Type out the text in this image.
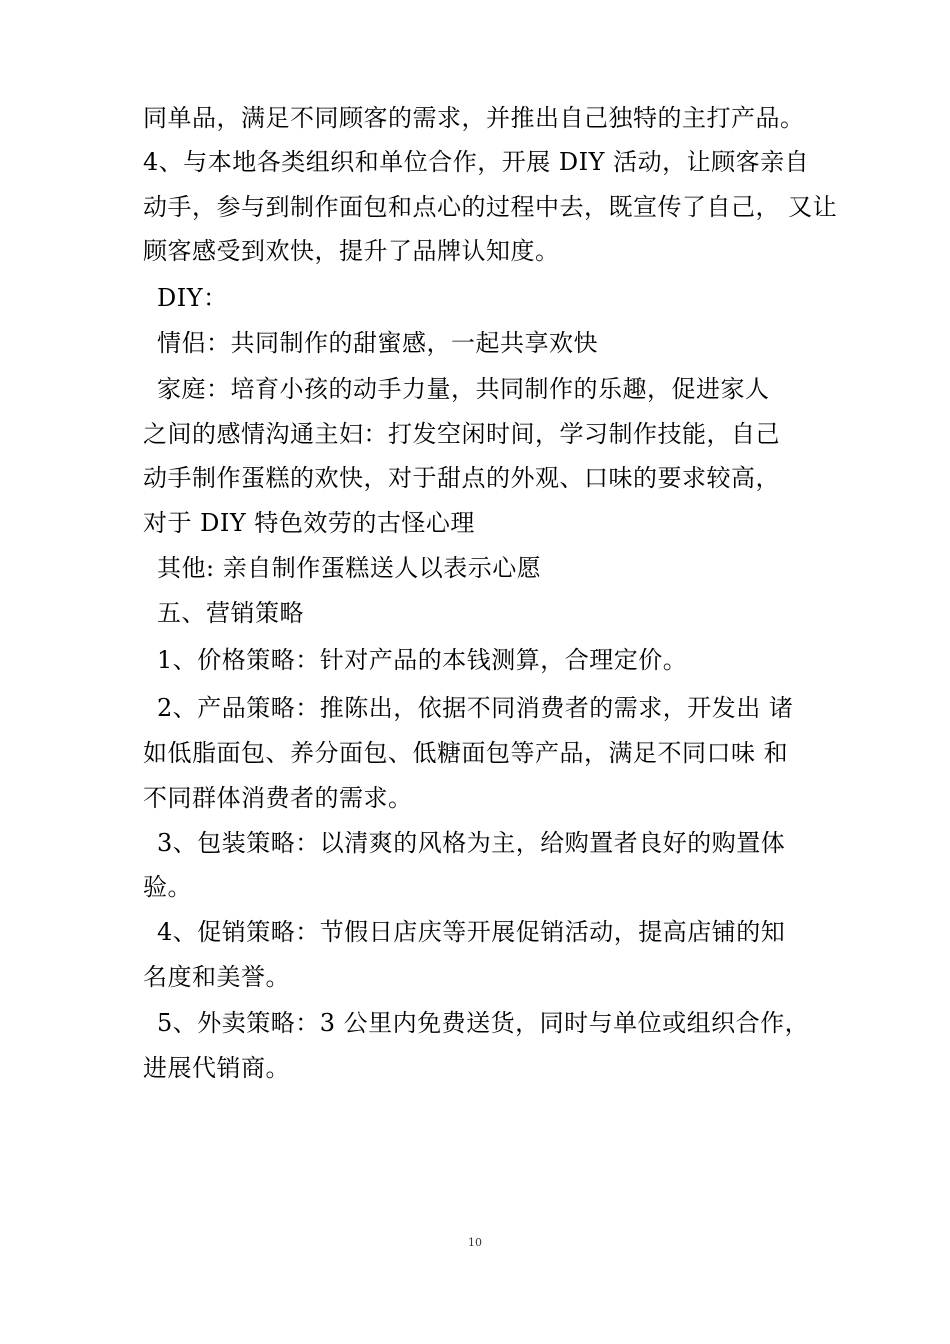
同单品，满足不同顾客的需求，并推出自己独特的主打产品。
4、与本地各类组织和单位合作，开展 DIY 活动，让顾客亲自
动手，参与到制作面包和点心的过程中去，既宣传了自己， 又让
顾客感受到欢快，提升了品牌认知度。
DIY：
情侣：共同制作的甜蜜感，一起共享欢快
家庭：培育小孩的动手力量，共同制作的乐趣，促进家人
之间的感情沟通主妇：打发空闲时间，学习制作技能，自己
动手制作蛋糕的欢快，对于甜点的外观、口味的要求较高，
对于 DIY 特色效劳的古怪心理
其他: 亲自制作蛋糕送人以表示心愿
五、营销策略
1、价格策略：针对产品的本钱测算，合理定价。
2、产品策略：推陈出，依据不同消费者的需求，开发出 诸
如低脂面包、养分面包、低糖面包等产品，满足不同口味 和
不同群体消费者的需求。
3、包装策略：以清爽的风格为主，给购置者良好的购置体
验。
4、促销策略：节假日店庆等开展促销活动，提高店铺的知
名度和美誉。
5、外卖策略：3 公里内免费送货，同时与单位或组织合作，
进展代销商。
10
